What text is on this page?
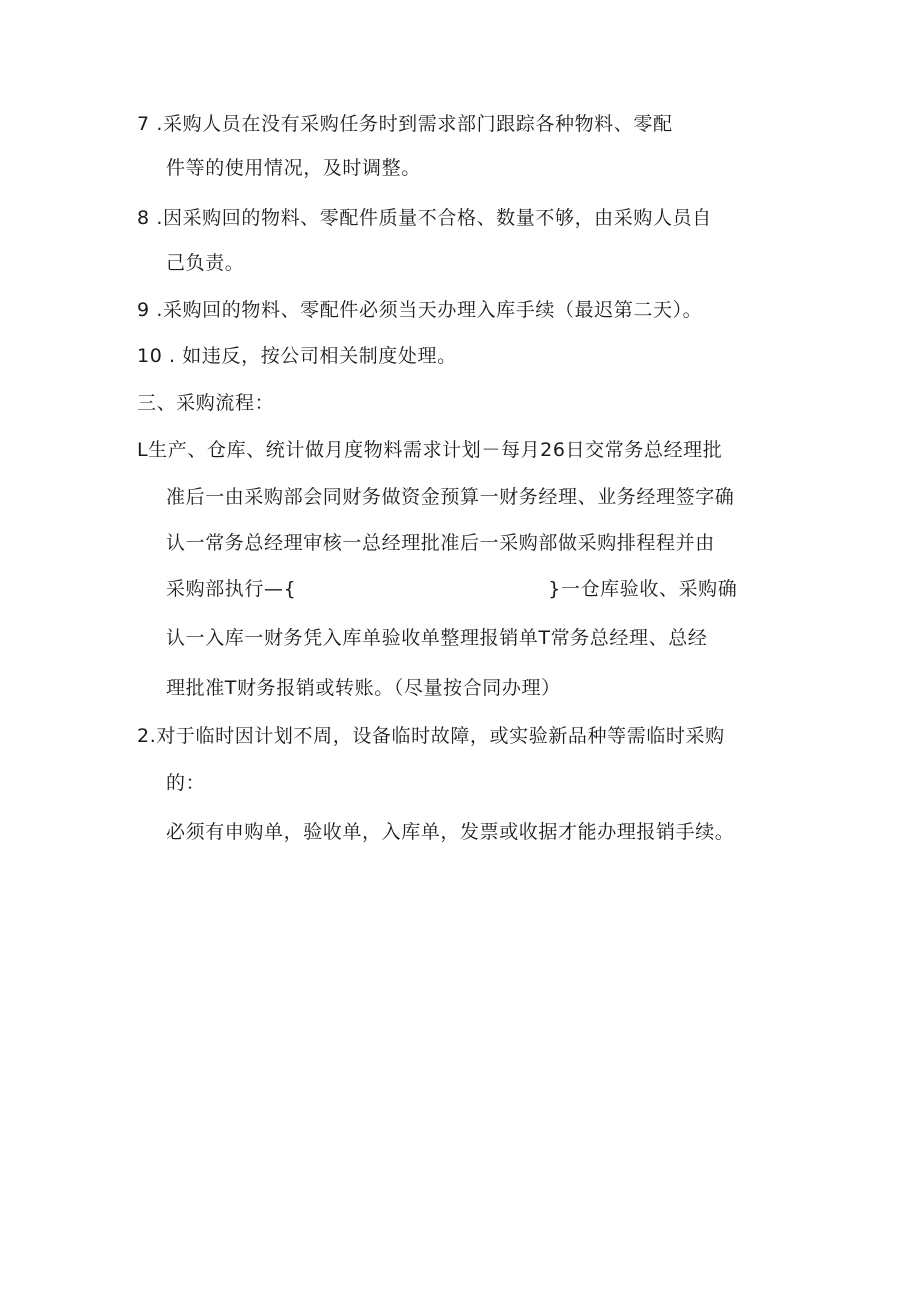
7 .采购人员在没有采购任务时到需求部门跟踪各种物料、零配
件等的使用情况，及时调整。
8 .因采购回的物料、零配件质量不合格、数量不够，由采购人员自
己负责。
9 .采购回的物料、零配件必须当天办理入库手续（最迟第二天）。
10 . 如违反，按公司相关制度处理。
三、采购流程：
L生产、仓库、统计做月度物料需求计划－每月26日交常务总经理批
准后一由采购部会同财务做资金预算一财务经理、业务经理签字确
认一常务总经理审核一总经理批准后一采购部做采购排程程并由
采购部执行—{	}一仓库验收、采购确
认一入库一财务凭入库单验收单整理报销单T常务总经理、总经
理批准T财务报销或转账。（尽量按合同办理）
2.对于临时因计划不周，设备临时故障，或实验新品种等需临时采购
的：
必须有申购单，验收单，入库单，发票或收据才能办理报销手续。
